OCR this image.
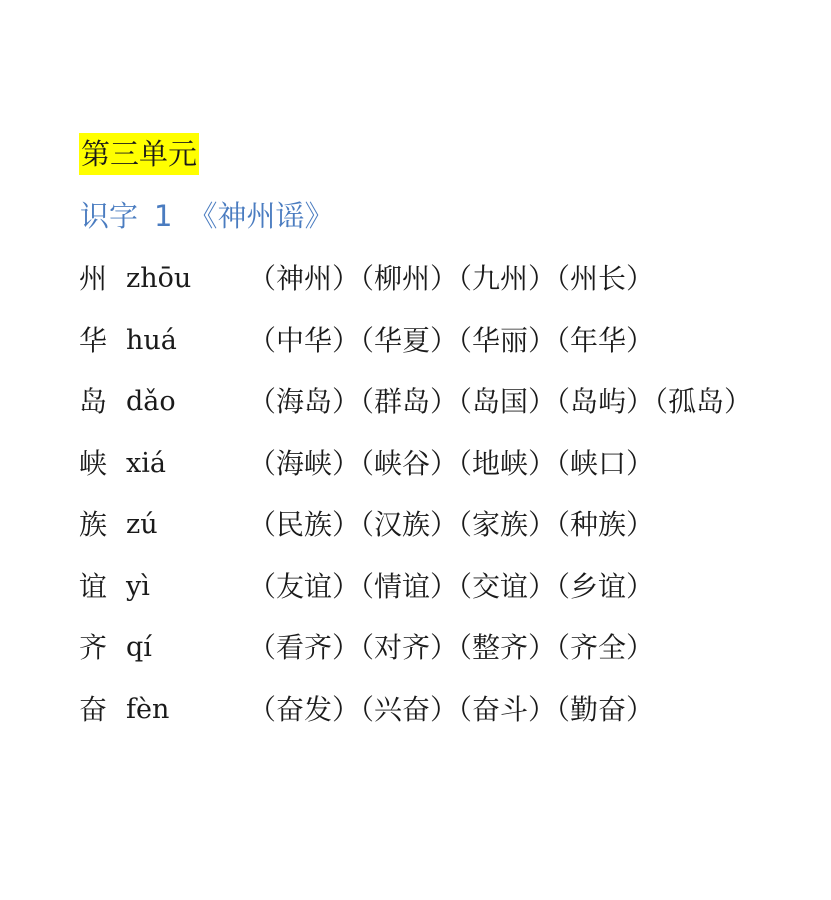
第三单元
识字 1 《神州谣》
州 zhōu （神州）（柳州）（九州）（州长）
华 huá	（中华）（华夏）（华丽）（年华）
岛 dǎo	（海岛）（群岛）（岛国）（岛屿）（孤岛）
峡 xiá	（海峡）（峡谷）（地峡）（峡口）
族 zú	（民族）（汉族）（家族）（种族）
谊 yì	（友谊）（情谊）（交谊）（乡谊）
齐 qí	（看齐）（对齐）（整齐）（齐全）
奋 fèn	（奋发）（兴奋）（奋斗）（勤奋）
